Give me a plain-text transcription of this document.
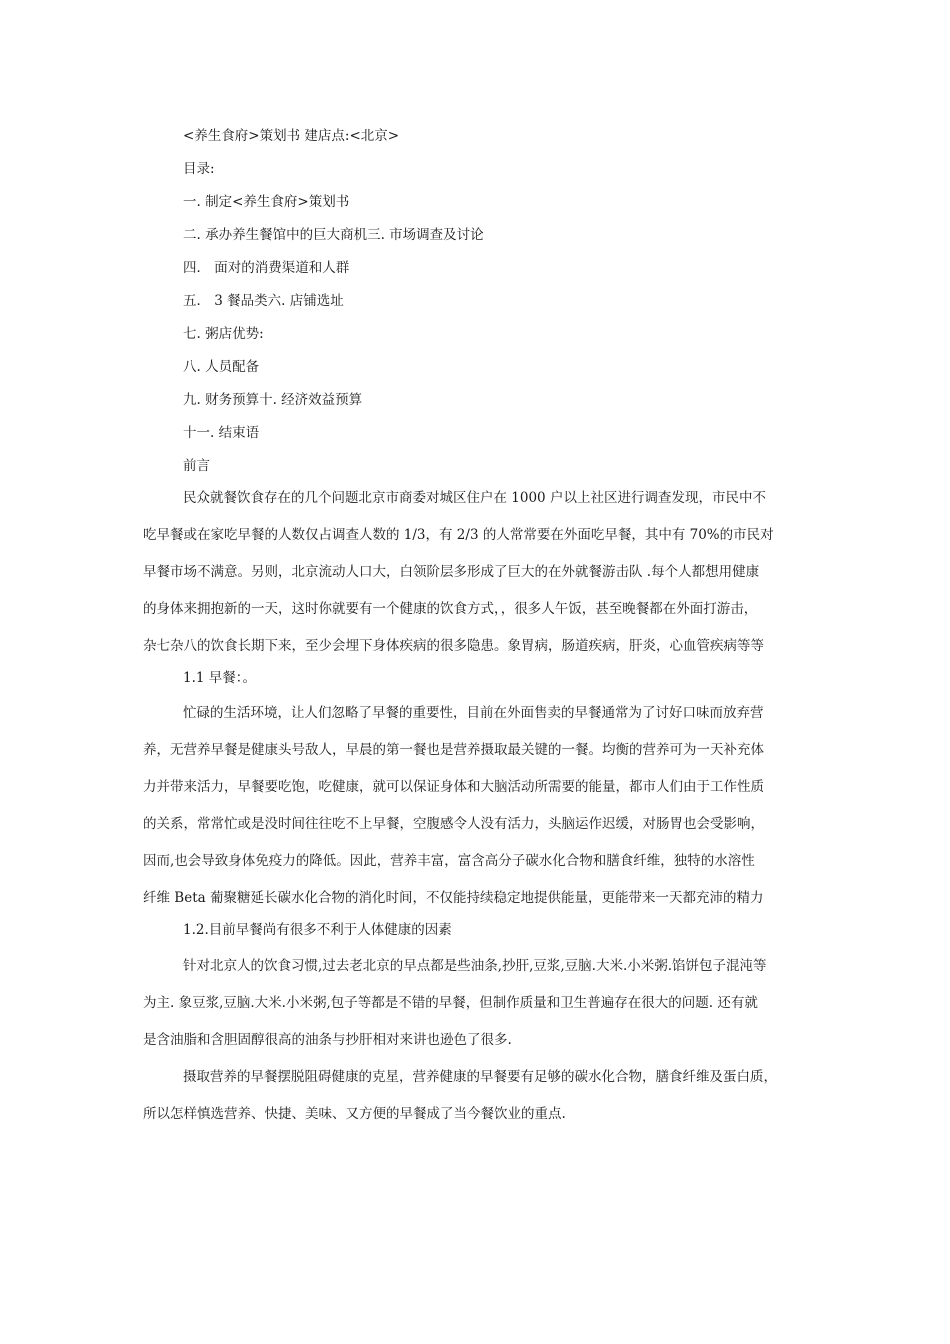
<养生食府>策划书 建店点:<北京>

目录:

一. 制定<养生食府>策划书

二. 承办养生餐馆中的巨大商机三. 市场调查及讨论

四． 面对的消费渠道和人群

五． 3 餐品类六. 店铺选址

七. 粥店优势:

八. 人员配备

九. 财务预算十. 经济效益预算

十一. 结束语

前言

民众就餐饮食存在的几个问题北京市商委对城区住户在 1000 户以上社区进行调查发现，市民中不

吃早餐或在家吃早餐的人数仅占调查人数的 1/3，有 2/3 的人常常要在外面吃早餐，其中有 70%的市民对

早餐市场不满意。另则，北京流动人口大，白领阶层多形成了巨大的在外就餐游击队 .每个人都想用健康

的身体来拥抱新的一天，这时你就要有一个健康的饮食方式，，很多人午饭，甚至晚餐都在外面打游击，

杂七杂八的饮食长期下来，至少会埋下身体疾病的很多隐患。象胃病，肠道疾病，肝炎，心血管疾病等等

1.1 早餐：。

忙碌的生活环境，让人们忽略了早餐的重要性，目前在外面售卖的早餐通常为了讨好口味而放弃营

养，无营养早餐是健康头号敌人，早晨的第一餐也是营养摄取最关键的一餐。均衡的营养可为一天补充体

力并带来活力，早餐要吃饱，吃健康，就可以保证身体和大脑活动所需要的能量，都市人们由于工作性质

的关系，常常忙或是没时间往往吃不上早餐，空腹感令人没有活力，头脑运作迟缓，对肠胃也会受影响，

因而,也会导致身体免疫力的降低。因此，营养丰富，富含高分子碳水化合物和膳食纤维，独特的水溶性

纤维 Beta 葡聚糖延长碳水化合物的消化时间，不仅能持续稳定地提供能量，更能带来一天都充沛的精力

1.2.目前早餐尚有很多不利于人体健康的因素

针对北京人的饮食习惯,过去老北京的早点都是些油条,抄肝,豆浆,豆脑.大米.小米粥.馅饼包子混沌等

为主. 象豆浆,豆脑.大米.小米粥,包子等都是不错的早餐，但制作质量和卫生普遍存在很大的问题. 还有就

是含油脂和含胆固醇很高的油条与抄肝相对来讲也逊色了很多.

摄取营养的早餐摆脱阻碍健康的克星，营养健康的早餐要有足够的碳水化合物，膳食纤维及蛋白质，

所以怎样慎选营养、快捷、美味、又方便的早餐成了当今餐饮业的重点.
